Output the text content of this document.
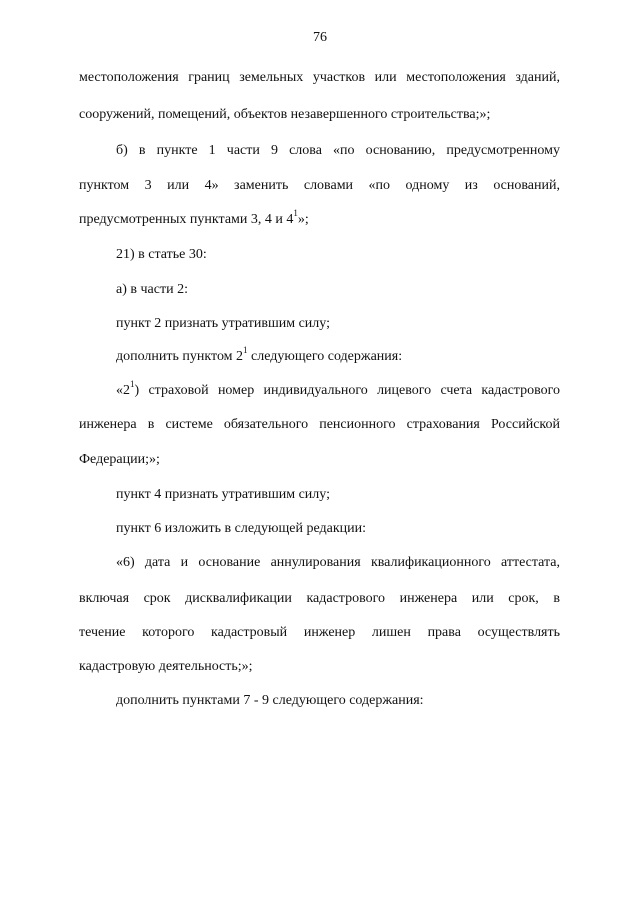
76
местоположения границ земельных участков или местоположения зданий,
сооружений, помещений, объектов незавершенного строительства;»;
б) в пункте 1 части 9 слова «по основанию, предусмотренному
пунктом 3 или 4» заменить словами «по одному из оснований,
предусмотренных пунктами 3, 4 и $4^1$»;
21) в статье 30:
а) в части 2:
пункт 2 признать утратившим силу;
дополнить пунктом $2^1$ следующего содержания:
«$2^1$) страховой номер индивидуального лицевого счета кадастрового
инженера в системе обязательного пенсионного страхования Российской
Федерации;»;
пункт 4 признать утратившим силу;
пункт 6 изложить в следующей редакции:
«6) дата и основание аннулирования квалификационного аттестата,
включая срок дисквалификации кадастрового инженера или срок, в
течение которого кадастровый инженер лишен права осуществлять
кадастровую деятельность;»;
дополнить пунктами 7 - 9 следующего содержания:
